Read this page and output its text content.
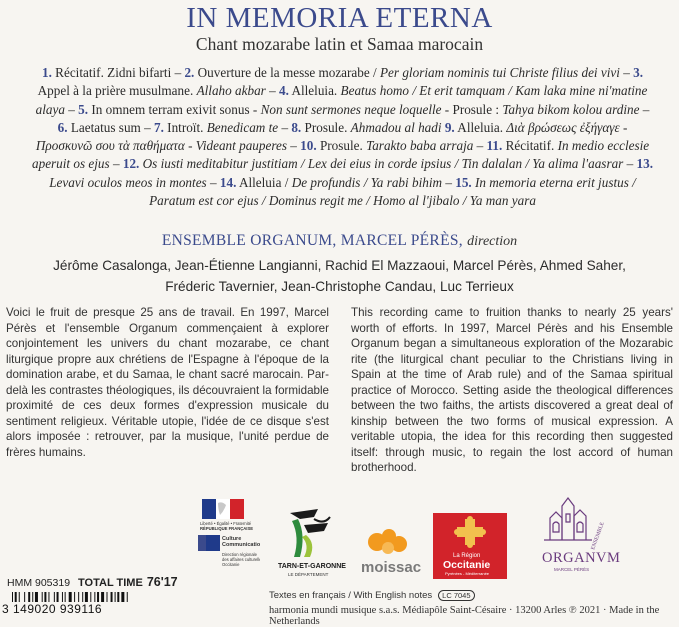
IN MEMORIA ETERNA
Chant mozarabe latin et Samaa marocain
1. Récitatif. Zidni bifarti – 2. Ouverture de la messe mozarabe / Per gloriam nominis tui Christe filius dei vivi – 3. Appel à la prière musulmane. Allaho akbar – 4. Alleluia. Beatus homo / Et erit tamquam / Kam laka mine ni'matine alaya – 5. In omnem terram exivit sonus - Non sunt sermones neque loquelle - Prosule : Tahya bikom kolou ardine – 6. Laetatus sum – 7. Introït. Benedicam te – 8. Prosule. Ahmadou al hadi 9. Alleluia. Διὰ βρώσεως ἐξήγαγε - Προσκυνῶ σου τὰ παθήματα - Videant pauperes – 10. Prosule. Tarakto baba arraja – 11. Récitatif. In medio ecclesie aperuit os ejus – 12. Os iusti meditabitur justitiam / Lex dei eius in corde ipsius / Tin dalalan / Ya alima l'aasrar – 13. Levavi oculos meos in montes – 14. Alleluia / De profundis / Ya rabi bihim – 15. In memoria eterna erit justus / Paratum est cor ejus / Dominus regit me / Homo al l'jibalo / Ya man yara
ENSEMBLE ORGANUM, MARCEL PÉRÈS, direction
Jérôme Casalonga, Jean-Étienne Langianni, Rachid El Mazzaoui, Marcel Pérès, Ahmed Saher,
Fréderic Tavernier, Jean-Christophe Candau, Luc Terrieux
Voici le fruit de presque 25 ans de travail. En 1997, Marcel Pérès et l'ensemble Organum commençaient à explorer conjointement les univers du chant mozarabe, ce chant liturgique propre aux chrétiens de l'Espagne à l'époque de la domination arabe, et du Samaa, le chant sacré marocain. Par-delà les contrastes théologiques, ils découvraient la formidable proximité de ces deux formes d'expression musicale du sentiment religieux. Véritable utopie, l'idée de ce disque s'est alors imposée : retrouver, par la musique, l'unité perdue de frères humains.
This recording came to fruition thanks to nearly 25 years' worth of efforts. In 1997, Marcel Pérès and his Ensemble Organum began a simultaneous exploration of the Mozarabic rite (the liturgical chant peculiar to the Christians living in Spain at the time of Arab rule) and of the Samaa spiritual practice of Morocco. Setting aside the theological differences between the two faiths, the artists discovered a great deal of kinship between the two forms of musical expression. A veritable utopia, the idea for this recording then suggested itself: through music, to regain the lost accord of human brotherhood.
Liberté • Égalité • Fraternité
RÉPUBLIQUE FRANÇAISE
Culture
Communication
Direction régionale
des affaires culturelles
Occitanie	TARN-ET-GARONNE
LE DÉPARTEMENT moissac
La Région
Occitanie
Pyrénées - Méditerranée
ENSEMBLE
ORGANVM
MARCEL PÉRÈS
HMM 905319 TOTAL TIME 76'17
3 149020 939116
Textes en français / With English notes LC 7045
harmonia mundi musique s.a.s. Médiapôle Saint-Césaire · 13200 Arles ℗ 2021 · Made in the Netherlands
